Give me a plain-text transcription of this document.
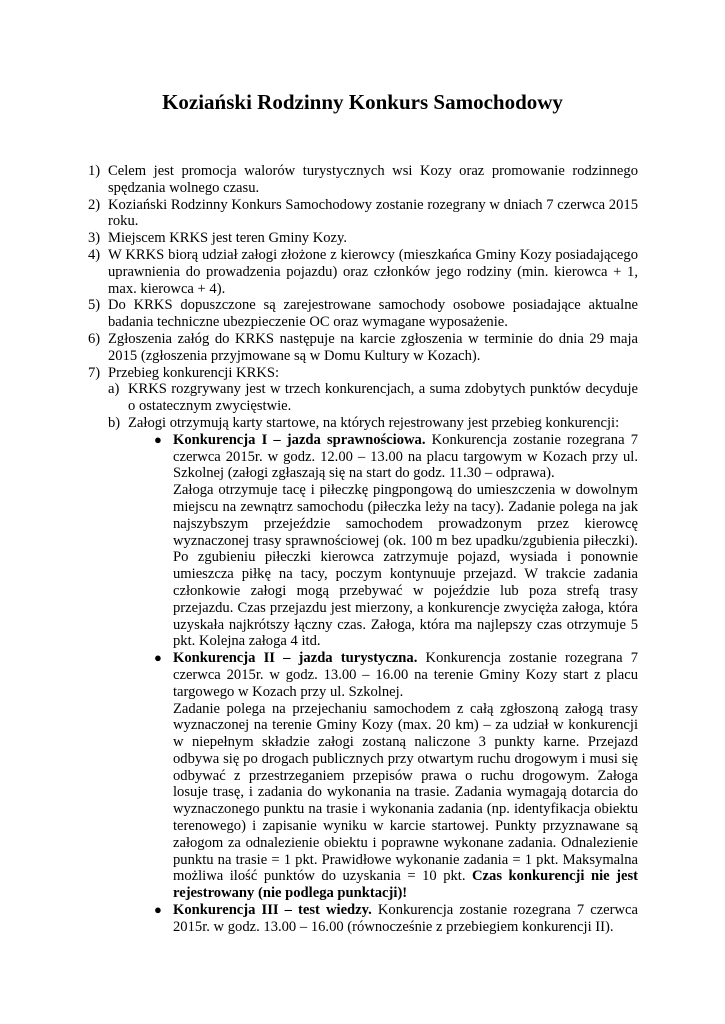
Koziański Rodzinny Konkurs Samochodowy
1) Celem jest promocja walorów turystycznych wsi Kozy oraz promowanie rodzinnego spędzania wolnego czasu.
2) Koziański Rodzinny Konkurs Samochodowy zostanie rozegrany w dniach 7 czerwca 2015 roku.
3) Miejscem KRKS jest teren Gminy Kozy.
4) W KRKS biorą udział załogi złożone z kierowcy (mieszkańca Gminy Kozy posiadającego uprawnienia do prowadzenia pojazdu) oraz członków jego rodziny (min. kierowca + 1, max. kierowca + 4).
5) Do KRKS dopuszczone są zarejestrowane samochody osobowe posiadające aktualne badania techniczne ubezpieczenie OC oraz wymagane wyposażenie.
6) Zgłoszenia załóg do KRKS następuje na karcie zgłoszenia w terminie do dnia 29 maja 2015 (zgłoszenia przyjmowane są w Domu Kultury w Kozach).
7) Przebieg konkurencji KRKS:
a) KRKS rozgrywany jest w trzech konkurencjach, a suma zdobytych punktów decyduje o ostatecznym zwycięstwie.
b) Załogi otrzymują karty startowe, na których rejestrowany jest przebieg konkurencji:
● Konkurencja I – jazda sprawnościowa. Konkurencja zostanie rozegrana 7 czerwca 2015r. w godz. 12.00 – 13.00 na placu targowym w Kozach przy ul. Szkolnej (załogi zgłaszają się na start do godz. 11.30 – odprawa).
Załoga otrzymuje tacę i piłeczkę pingpongową do umieszczenia w dowolnym miejscu na zewnątrz samochodu (piłeczka leży na tacy). Zadanie polega na jak najszybszym przejeździe samochodem prowadzonym przez kierowcę wyznaczonej trasy sprawnościowej (ok. 100 m bez upadku/zgubienia piłeczki). Po zgubieniu piłeczki kierowca zatrzymuje pojazd, wysiada i ponownie umieszcza piłkę na tacy, poczym kontynuuje przejazd. W trakcie zadania członkowie załogi mogą przebywać w pojeździe lub poza strefą trasy przejazdu. Czas przejazdu jest mierzony, a konkurencje zwycięża załoga, która uzyskała najkrótszy łączny czas. Załoga, która ma najlepszy czas otrzymuje 5 pkt. Kolejna załoga 4 itd.
● Konkurencja II – jazda turystyczna. Konkurencja zostanie rozegrana 7 czerwca 2015r. w godz. 13.00 – 16.00 na terenie Gminy Kozy start z placu targowego w Kozach przy ul. Szkolnej.
Zadanie polega na przejechaniu samochodem z całą zgłoszoną załogą trasy wyznaczonej na terenie Gminy Kozy (max. 20 km) – za udział w konkurencji w niepełnym składzie załogi zostaną naliczone 3 punkty karne. Przejazd odbywa się po drogach publicznych przy otwartym ruchu drogowym i musi się odbywać z przestrzeganiem przepisów prawa o ruchu drogowym. Załoga losuje trasę, i zadania do wykonania na trasie. Zadania wymagają dotarcia do wyznaczonego punktu na trasie i wykonania zadania (np. identyfikacja obiektu terenowego) i zapisanie wyniku w karcie startowej. Punkty przyznawane są załogom za odnalezienie obiektu i poprawne wykonane zadania. Odnalezienie punktu na trasie = 1 pkt. Prawidłowe wykonanie zadania = 1 pkt. Maksymalna możliwa ilość punktów do uzyskania = 10 pkt. Czas konkurencji nie jest rejestrowany (nie podlega punktacji)!
● Konkurencja III – test wiedzy. Konkurencja zostanie rozegrana 7 czerwca 2015r. w godz. 13.00 – 16.00 (równocześnie z przebiegiem konkurencji II).
